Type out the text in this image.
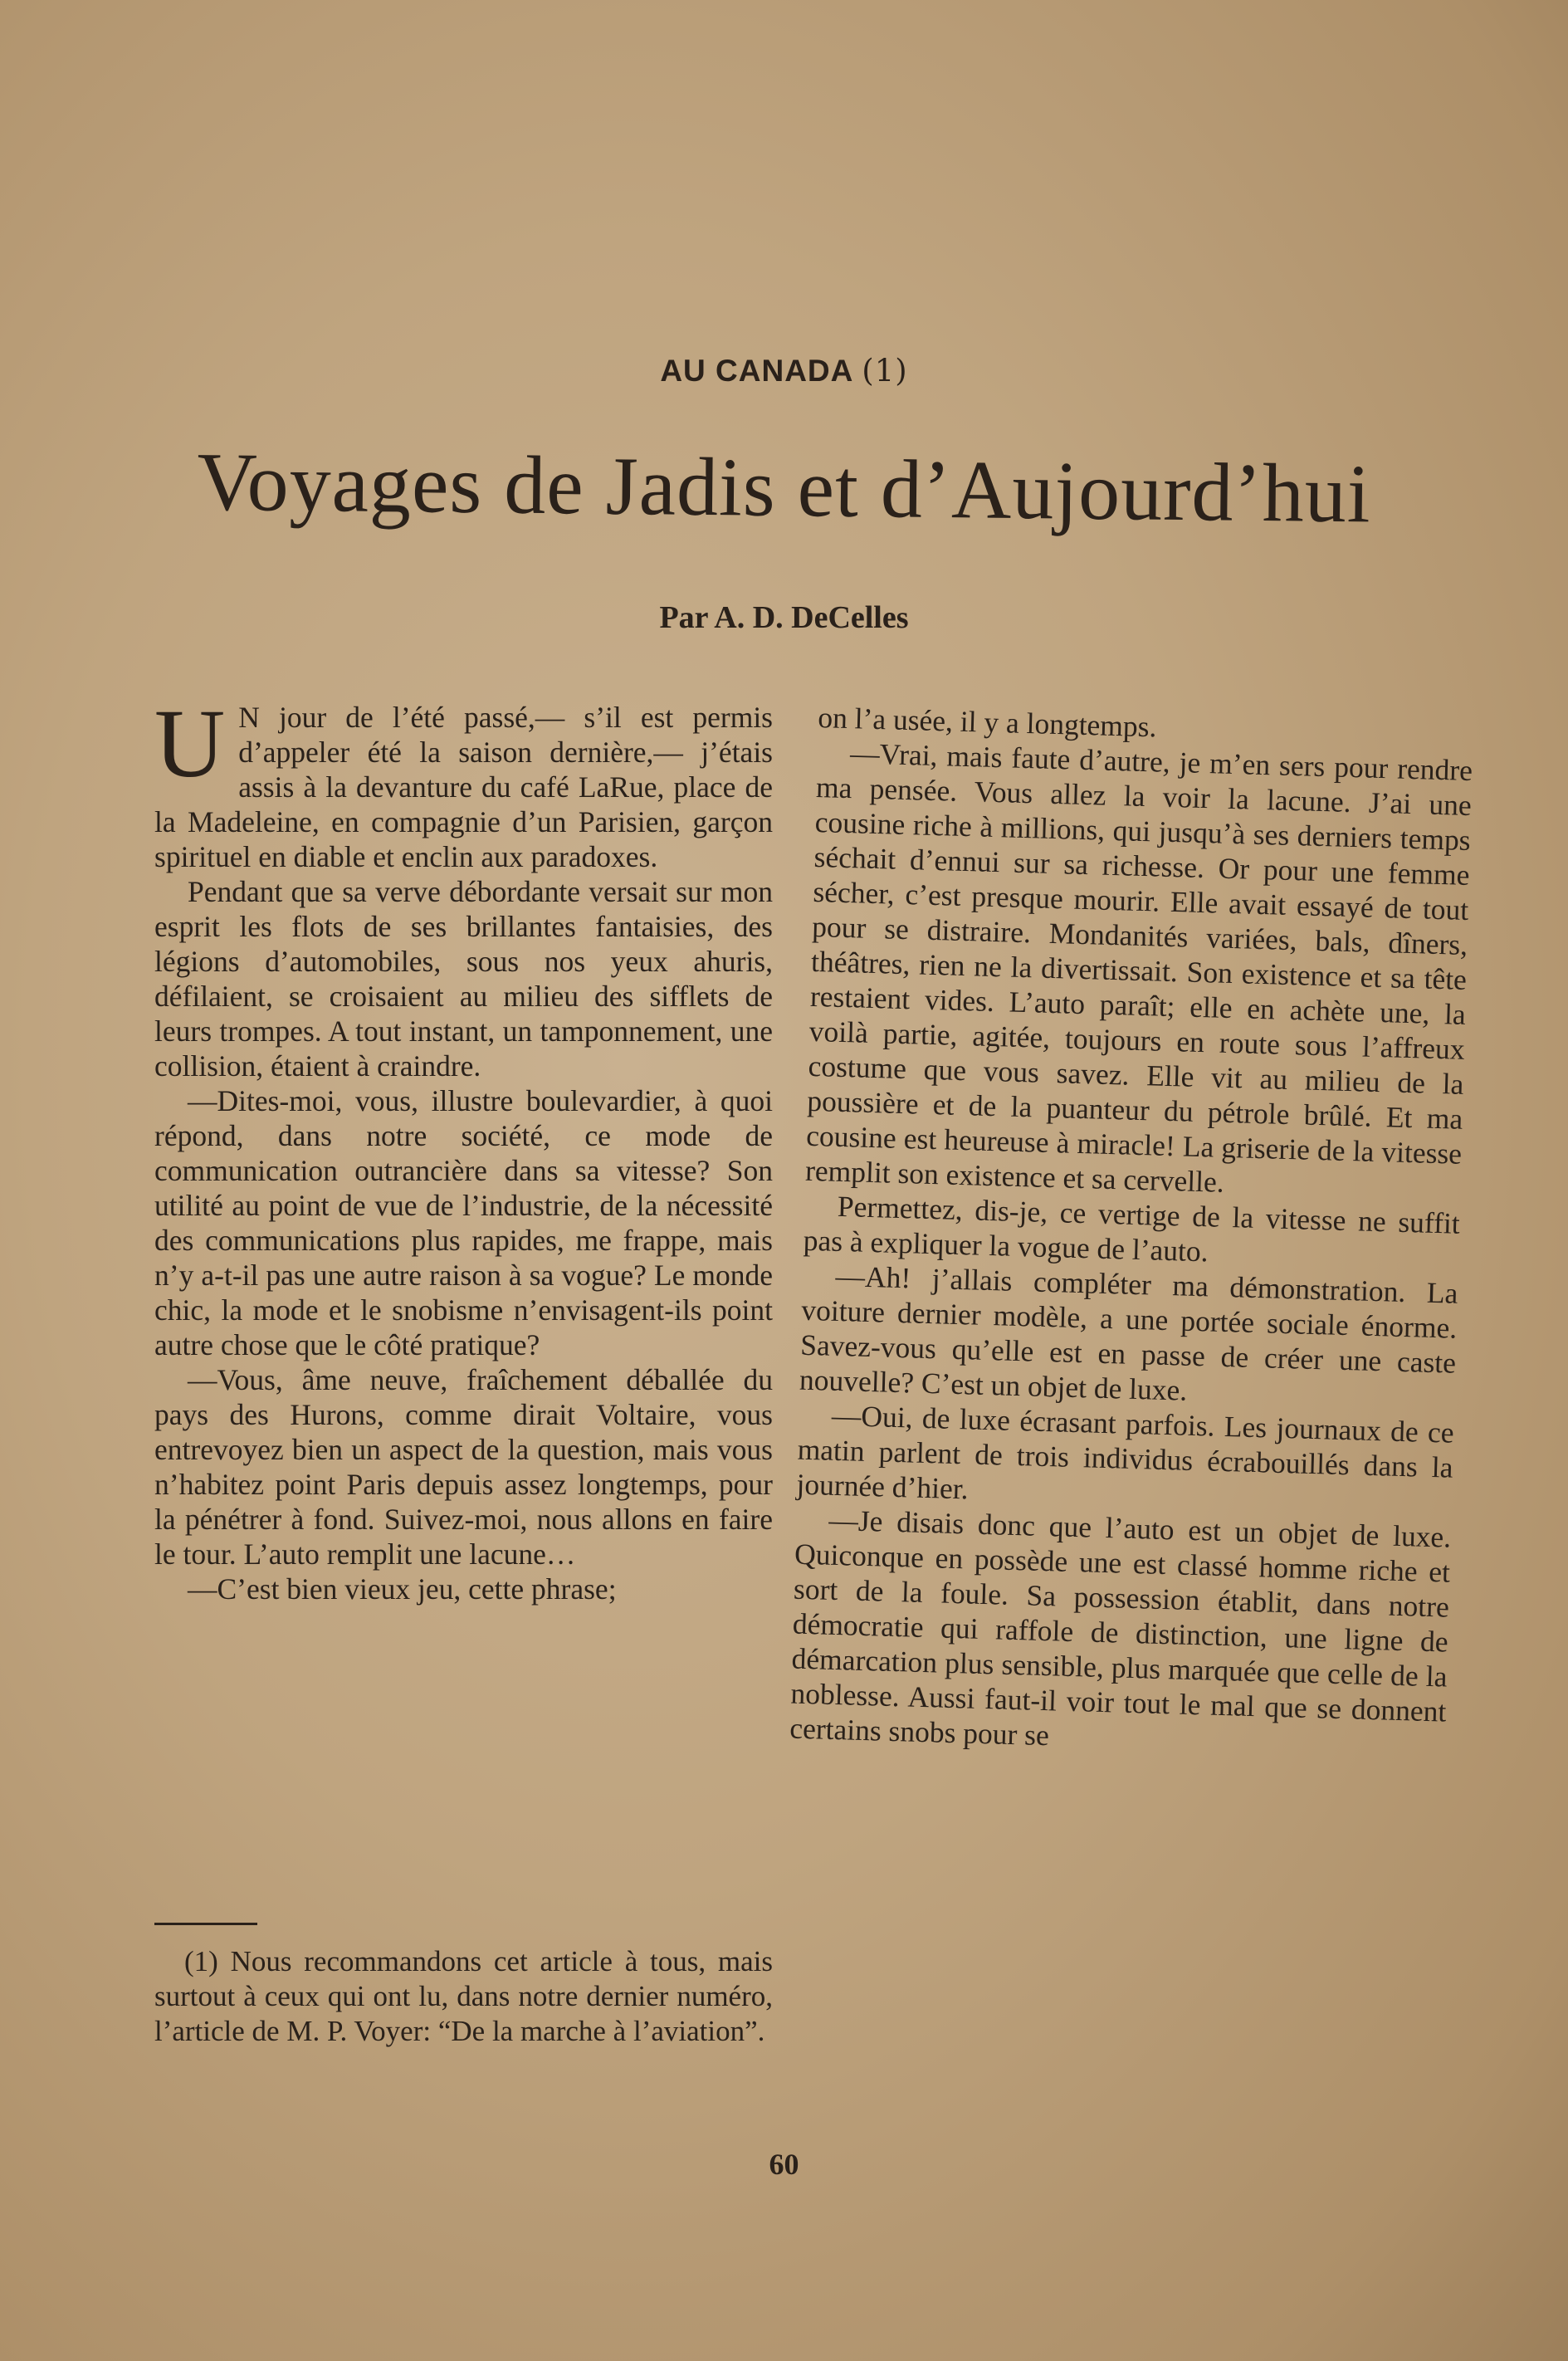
AU CANADA (1)
Voyages de Jadis et d’Aujourd’hui
Par A. D. DeCelles

U N jour de l’été passé,— s’il est permis d’appeler été la saison dernière,— j’étais assis à la devanture du café LaRue, place de la Madeleine, en compagnie d’un Parisien, garçon spirituel en diable et enclin aux paradoxes.

Pendant que sa verve débordante versait sur mon esprit les flots de ses brillantes fantaisies, des légions d’automobiles, sous nos yeux ahuris, défilaient, se croisaient au milieu des sifflets de leurs trompes. A tout instant, un tamponnement, une collision, étaient à craindre.

—Dites-moi, vous, illustre boulevardier, à quoi répond, dans notre société, ce mode de communication outrancière dans sa vitesse? Son utilité au point de vue de l’industrie, de la nécessité des communications plus rapides, me frappe, mais n’y a-t-il pas une autre raison à sa vogue? Le monde chic, la mode et le snobisme n’envisagent-ils point autre chose que le côté pratique?

—Vous, âme neuve, fraîchement déballée du pays des Hurons, comme dirait Voltaire, vous entrevoyez bien un aspect de la question, mais vous n’habitez point Paris depuis assez longtemps, pour la pénétrer à fond. Suivez-moi, nous allons en faire le tour. L’auto remplit une lacune…

—C’est bien vieux jeu, cette phrase;

(1) Nous recommandons cet article à tous, mais surtout à ceux qui ont lu, dans notre dernier numéro, l’article de M. P. Voyer: “De la marche à l’aviation”.

on l’a usée, il y a longtemps.

—Vrai, mais faute d’autre, je m’en sers pour rendre ma pensée. Vous allez la voir la lacune. J’ai une cousine riche à millions, qui jusqu’à ses derniers temps séchait d’ennui sur sa richesse. Or pour une femme sécher, c’est presque mourir. Elle avait essayé de tout pour se distraire. Mondanités variées, bals, dîners, théâtres, rien ne la divertissait. Son existence et sa tête restaient vides. L’auto paraît; elle en achète une, la voilà partie, agitée, toujours en route sous l’affreux costume que vous savez. Elle vit au milieu de la poussière et de la puanteur du pétrole brûlé. Et ma cousine est heureuse à miracle! La griserie de la vitesse remplit son existence et sa cervelle.

Permettez, dis-je, ce vertige de la vitesse ne suffit pas à expliquer la vogue de l’auto.

—Ah! j’allais compléter ma démonstration. La voiture dernier modèle, a une portée sociale énorme. Savez-vous qu’elle est en passe de créer une caste nouvelle? C’est un objet de luxe.

—Oui, de luxe écrasant parfois. Les journaux de ce matin parlent de trois individus écrabouillés dans la journée d’hier.

—Je disais donc que l’auto est un objet de luxe. Quiconque en possède une est classé homme riche et sort de la foule. Sa possession établit, dans notre démocratie qui raffole de distinction, une ligne de démarcation plus sensible, plus marquée que celle de la noblesse. Aussi faut-il voir tout le mal que se donnent certains snobs pour se

60
